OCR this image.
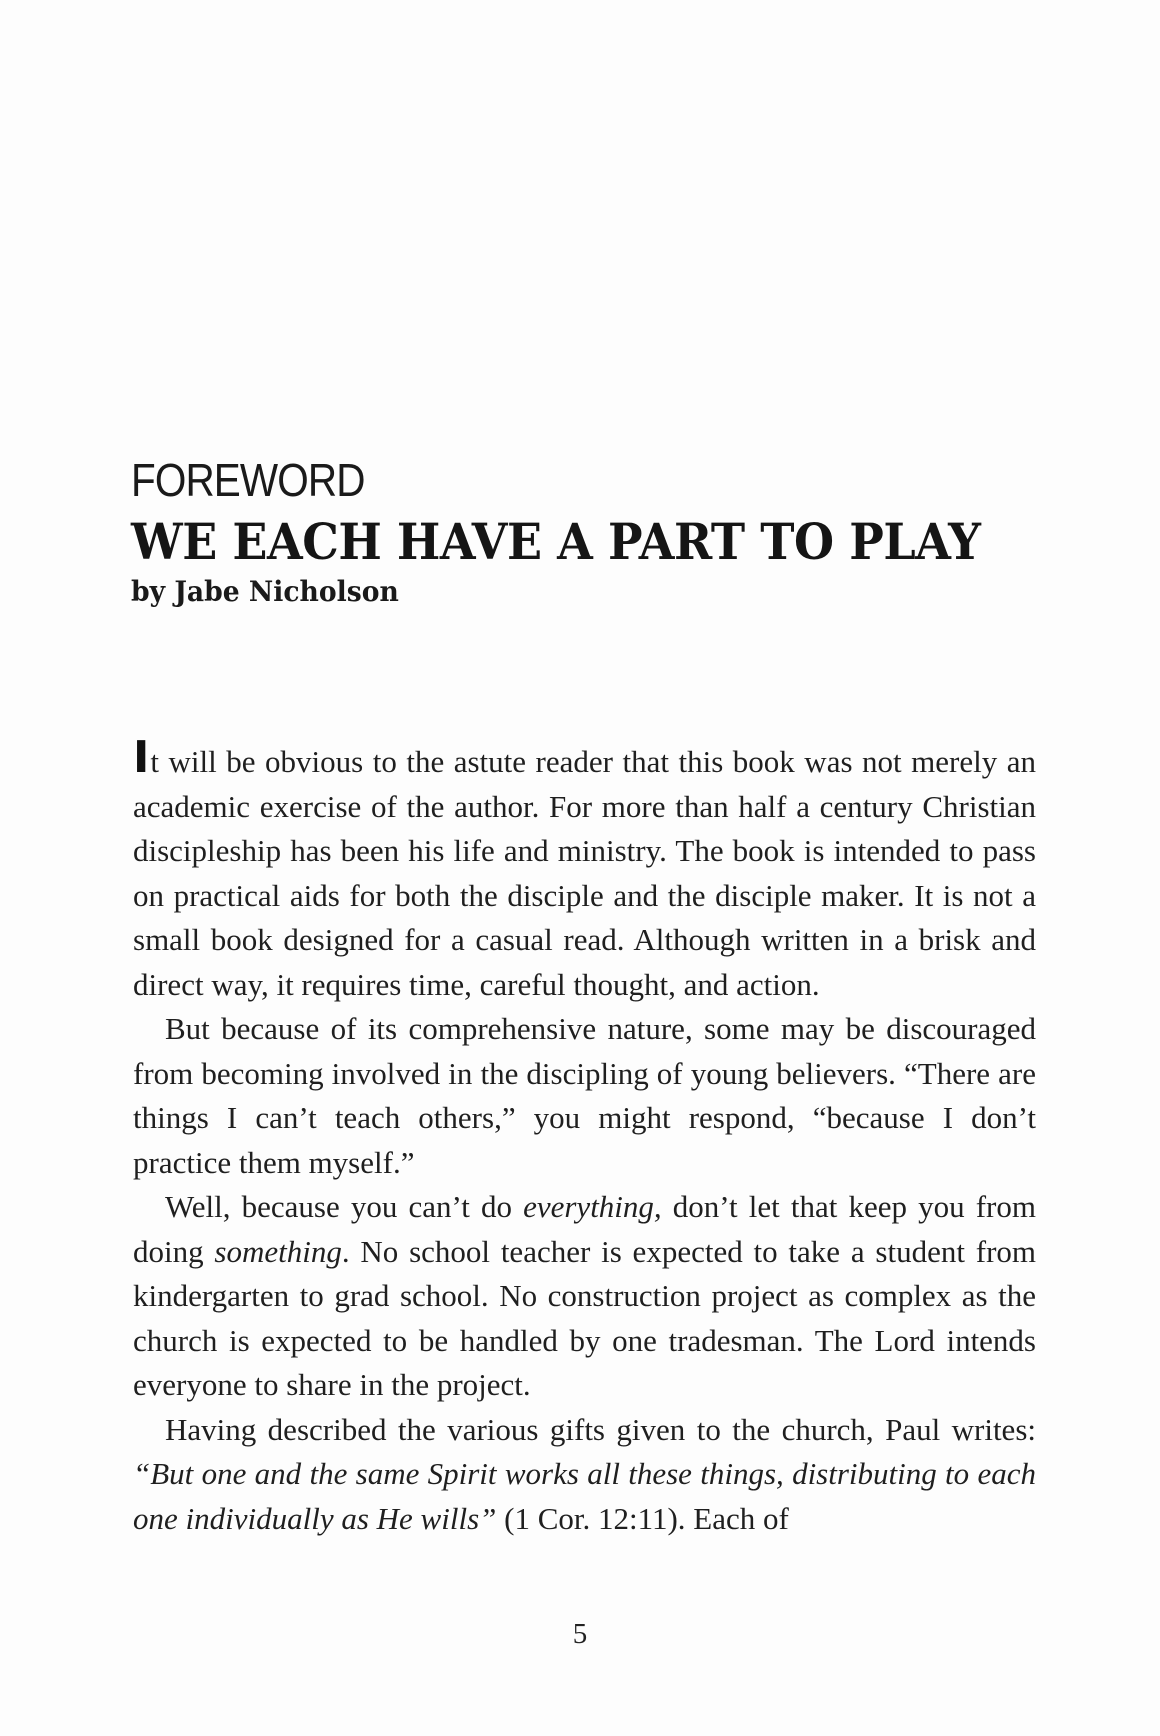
FOREWORD
WE EACH HAVE A PART TO PLAY
by Jabe Nicholson

It will be obvious to the astute reader that this book was not merely an academic exercise of the author. For more than half a century Christian discipleship has been his life and ministry. The book is intended to pass on practical aids for both the disciple and the disciple maker. It is not a small book designed for a casual read. Although written in a brisk and direct way, it requires time, careful thought, and action.

But because of its comprehensive nature, some may be discouraged from becoming involved in the discipling of young believers. “There are things I can’t teach others,” you might respond, “because I don’t practice them myself.”

Well, because you can’t do everything, don’t let that keep you from doing something. No school teacher is expected to take a student from kindergarten to grad school. No construction project as complex as the church is expected to be handled by one tradesman. The Lord intends everyone to share in the project.

Having described the various gifts given to the church, Paul writes: “But one and the same Spirit works all these things, distributing to each one individually as He wills” (1 Cor. 12:11). Each of

5
